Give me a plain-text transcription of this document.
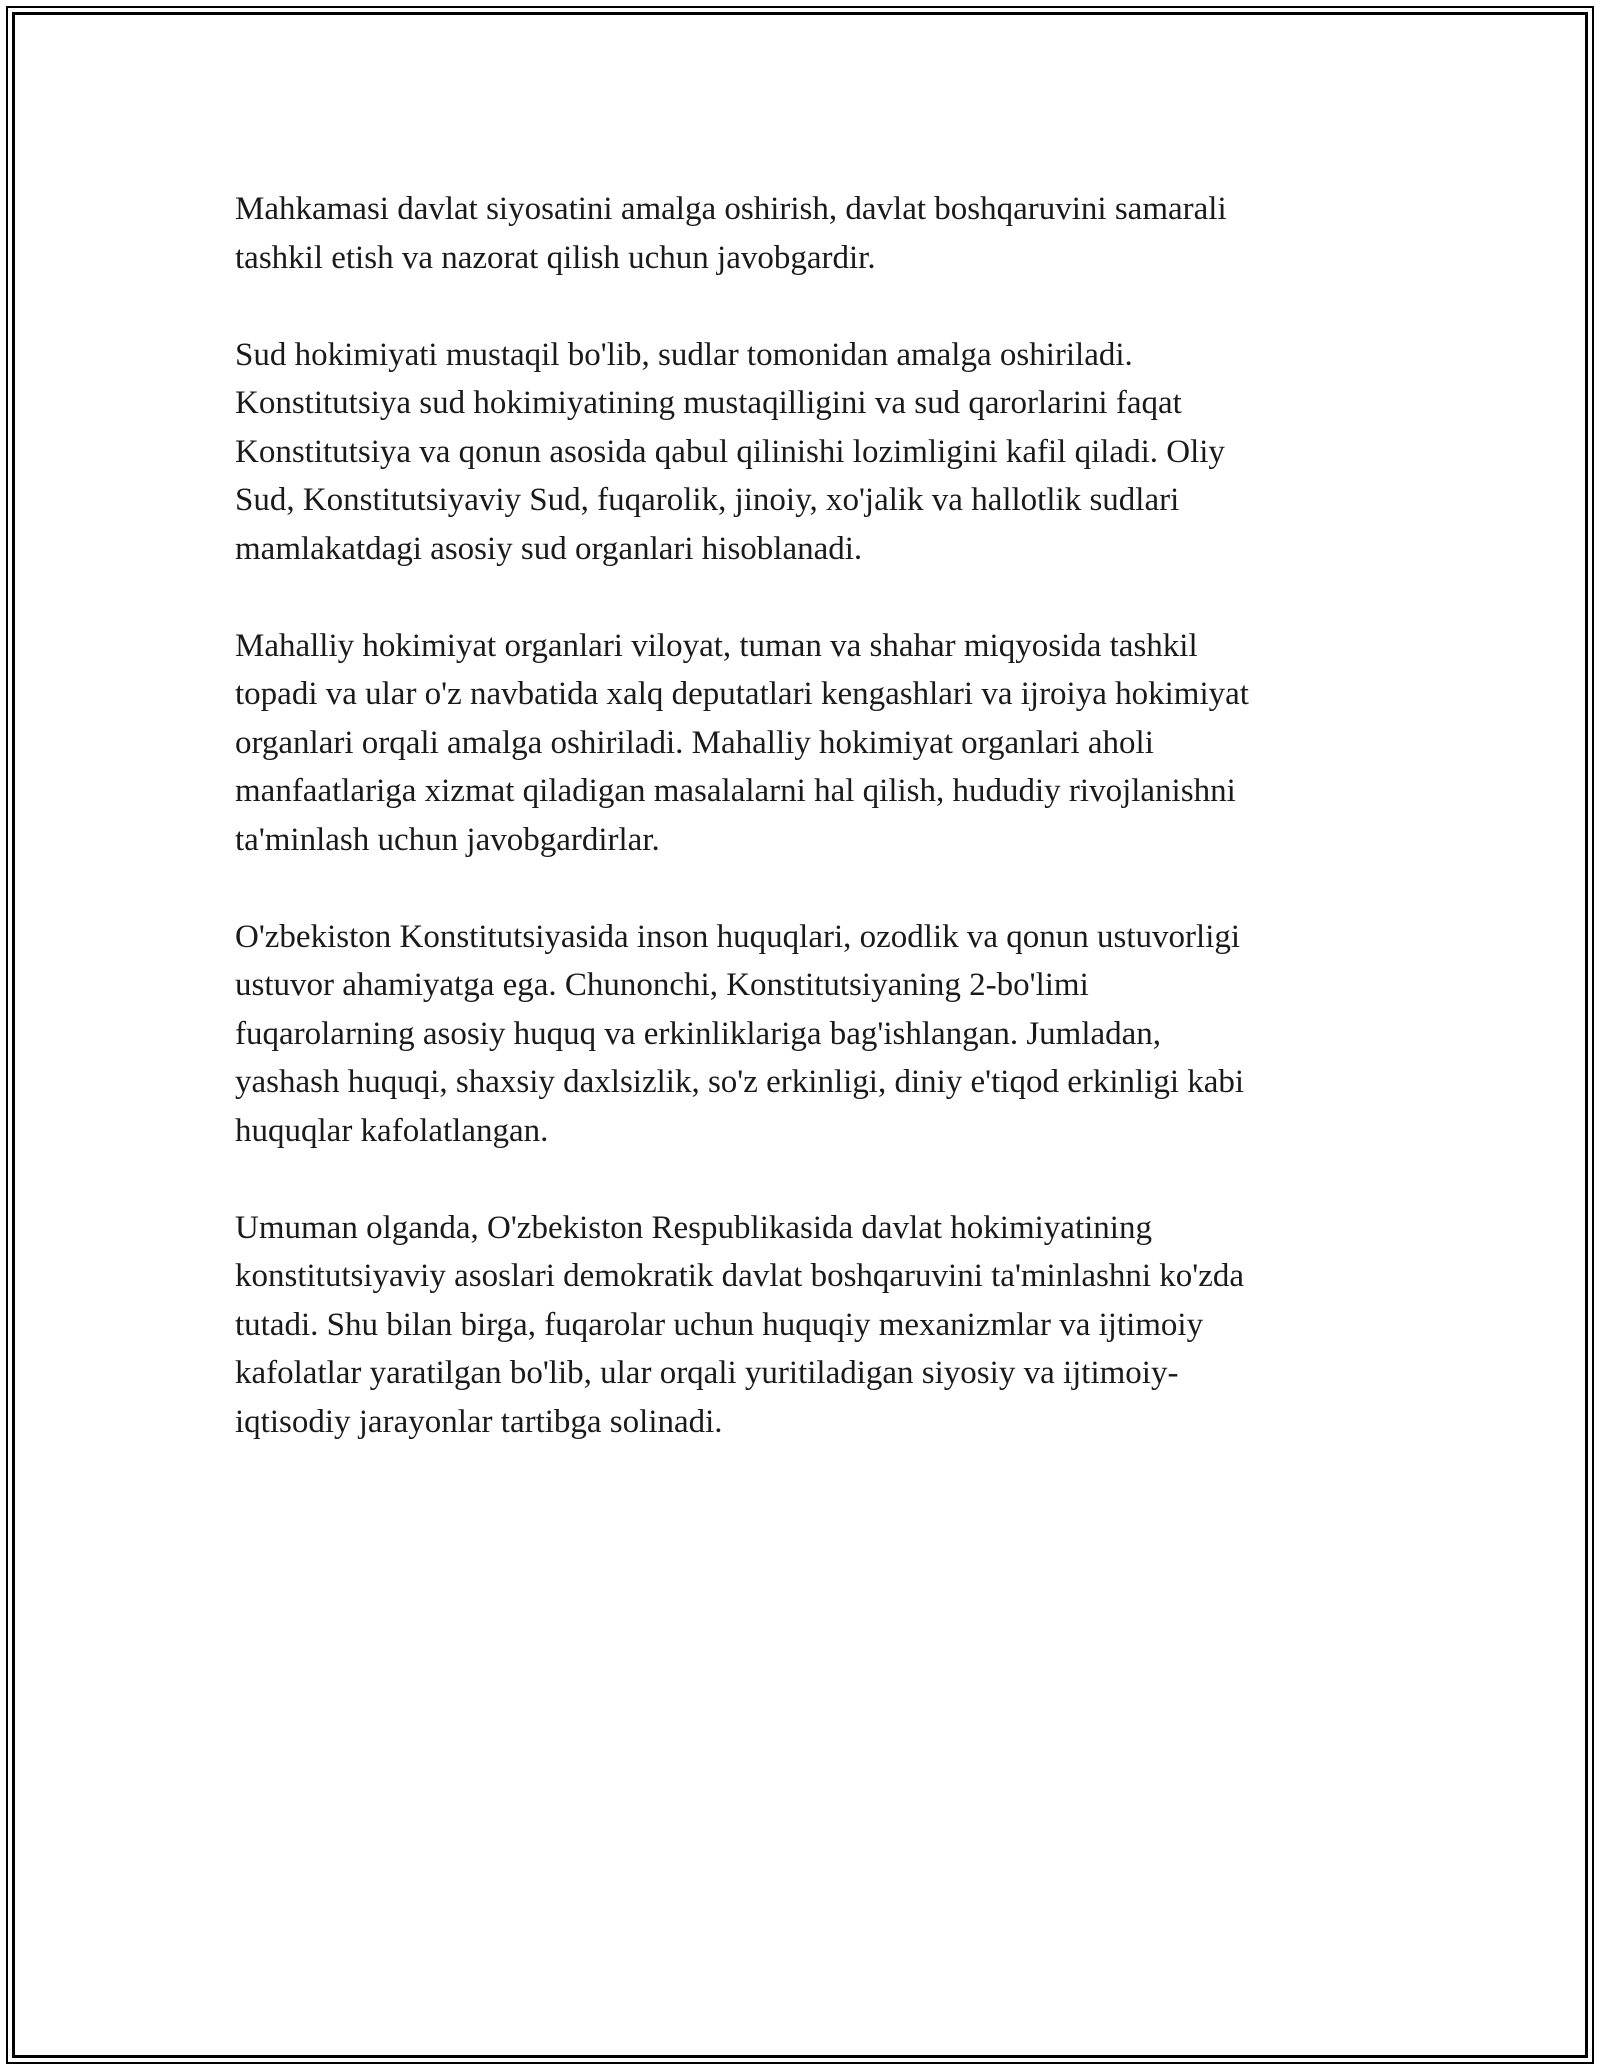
Mahkamasi davlat siyosatini amalga oshirish, davlat boshqaruvini samarali
tashkil etish va nazorat qilish uchun javobgardir.

Sud hokimiyati mustaqil bo'lib, sudlar tomonidan amalga oshiriladi.
Konstitutsiya sud hokimiyatining mustaqilligini va sud qarorlarini faqat
Konstitutsiya va qonun asosida qabul qilinishi lozimligini kafil qiladi. Oliy
Sud, Konstitutsiyaviy Sud, fuqarolik, jinoiy, xo'jalik va hallotlik sudlari
mamlakatdagi asosiy sud organlari hisoblanadi.

Mahalliy hokimiyat organlari viloyat, tuman va shahar miqyosida tashkil
topadi va ular o'z navbatida xalq deputatlari kengashlari va ijroiya hokimiyat
organlari orqali amalga oshiriladi. Mahalliy hokimiyat organlari aholi
manfaatlariga xizmat qiladigan masalalarni hal qilish, hududiy rivojlanishni
ta'minlash uchun javobgardirlar.

O'zbekiston Konstitutsiyasida inson huquqlari, ozodlik va qonun ustuvorligi
ustuvor ahamiyatga ega. Chunonchi, Konstitutsiyaning 2-bo'limi
fuqarolarning asosiy huquq va erkinliklariga bag'ishlangan. Jumladan,
yashash huquqi, shaxsiy daxlsizlik, so'z erkinligi, diniy e'tiqod erkinligi kabi
huquqlar kafolatlangan.

Umuman olganda, O'zbekiston Respublikasida davlat hokimiyatining
konstitutsiyaviy asoslari demokratik davlat boshqaruvini ta'minlashni ko'zda
tutadi. Shu bilan birga, fuqarolar uchun huquqiy mexanizmlar va ijtimoiy
kafolatlar yaratilgan bo'lib, ular orqali yuritiladigan siyosiy va ijtimoiy-
iqtisodiy jarayonlar tartibga solinadi.
